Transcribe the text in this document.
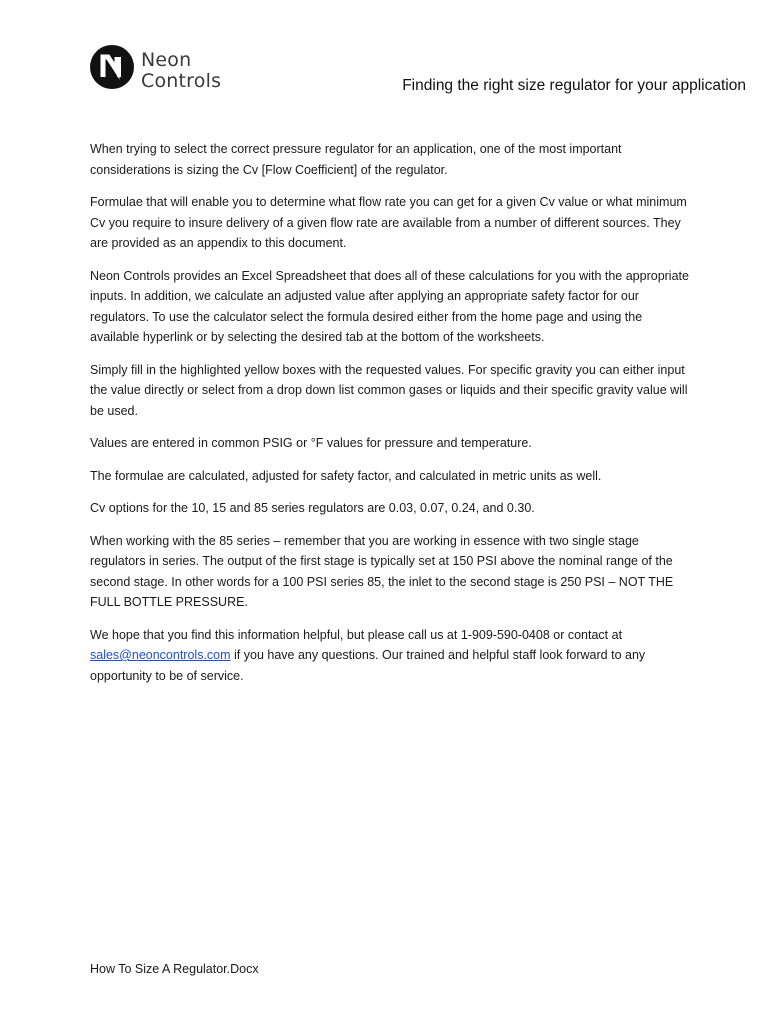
Neon
Controls	Finding the right size regulator for your application

When trying to select the correct pressure regulator for an application, one of the most important considerations is sizing the Cv [Flow Coefficient] of the regulator.

Formulae that will enable you to determine what flow rate you can get for a given Cv value or what minimum Cv you require to insure delivery of a given flow rate are available from a number of different sources. They are provided as an appendix to this document.

Neon Controls provides an Excel Spreadsheet that does all of these calculations for you with the appropriate inputs. In addition, we calculate an adjusted value after applying an appropriate safety factor for our regulators. To use the calculator select the formula desired either from the home page and using the available hyperlink or by selecting the desired tab at the bottom of the worksheets.

Simply fill in the highlighted yellow boxes with the requested values. For specific gravity you can either input the value directly or select from a drop down list common gases or liquids and their specific gravity value will be used.

Values are entered in common PSIG or °F values for pressure and temperature.

The formulae are calculated, adjusted for safety factor, and calculated in metric units as well.

Cv options for the 10, 15 and 85 series regulators are 0.03, 0.07, 0.24, and 0.30.

When working with the 85 series – remember that you are working in essence with two single stage regulators in series. The output of the first stage is typically set at 150 PSI above the nominal range of the second stage. In other words for a 100 PSI series 85, the inlet to the second stage is 250 PSI – NOT THE FULL BOTTLE PRESSURE.

We hope that you find this information helpful, but please call us at 1-909-590-0408 or contact at sales@neoncontrols.com if you have any questions. Our trained and helpful staff look forward to any opportunity to be of service.

How To Size A Regulator.Docx
